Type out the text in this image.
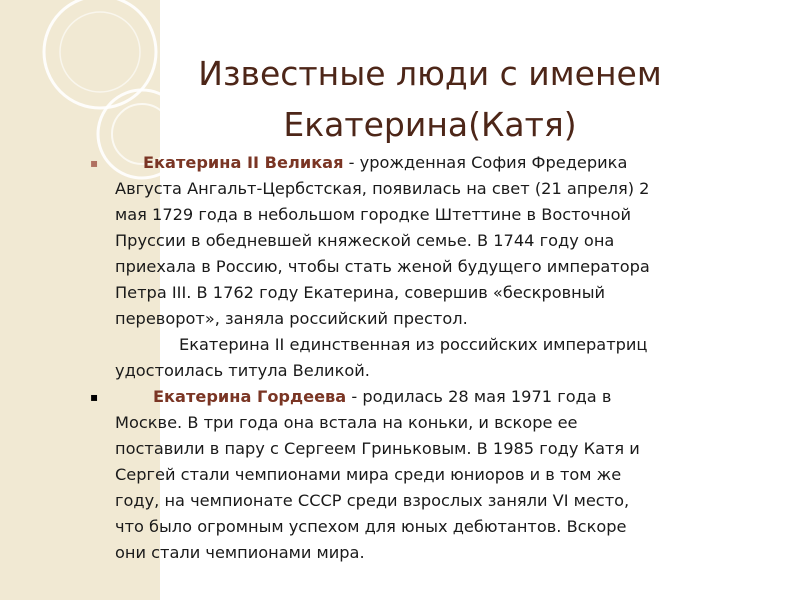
Известные люди с именем
Екатерина(Катя)
▪	Екатерина II Великая - урожденная София Фредерика
Августа Ангальт-Цербстская, появилась на свет (21 апреля) 2
мая 1729 года в небольшом городке Штеттине в Восточной
Пруссии в обедневшей княжеской семье. В 1744 году она
приехала в Россию, чтобы стать женой будущего императора
Петра III. В 1762 году Екатерина, совершив «бескровный
переворот», заняла российский престол.
Екатерина II единственная из российских императриц
удостоилась титула Великой.
▪	Екатерина Гордеева - родилась 28 мая 1971 года в
Москве. В три года она встала на коньки, и вскоре ее
поставили в пару с Сергеем Гриньковым. В 1985 году Катя и
Сергей стали чемпионами мира среди юниоров и в том же
году, на чемпионате СССР среди взрослых заняли VI место,
что было огромным успехом для юных дебютантов. Вскоре
они стали чемпионами мира.
